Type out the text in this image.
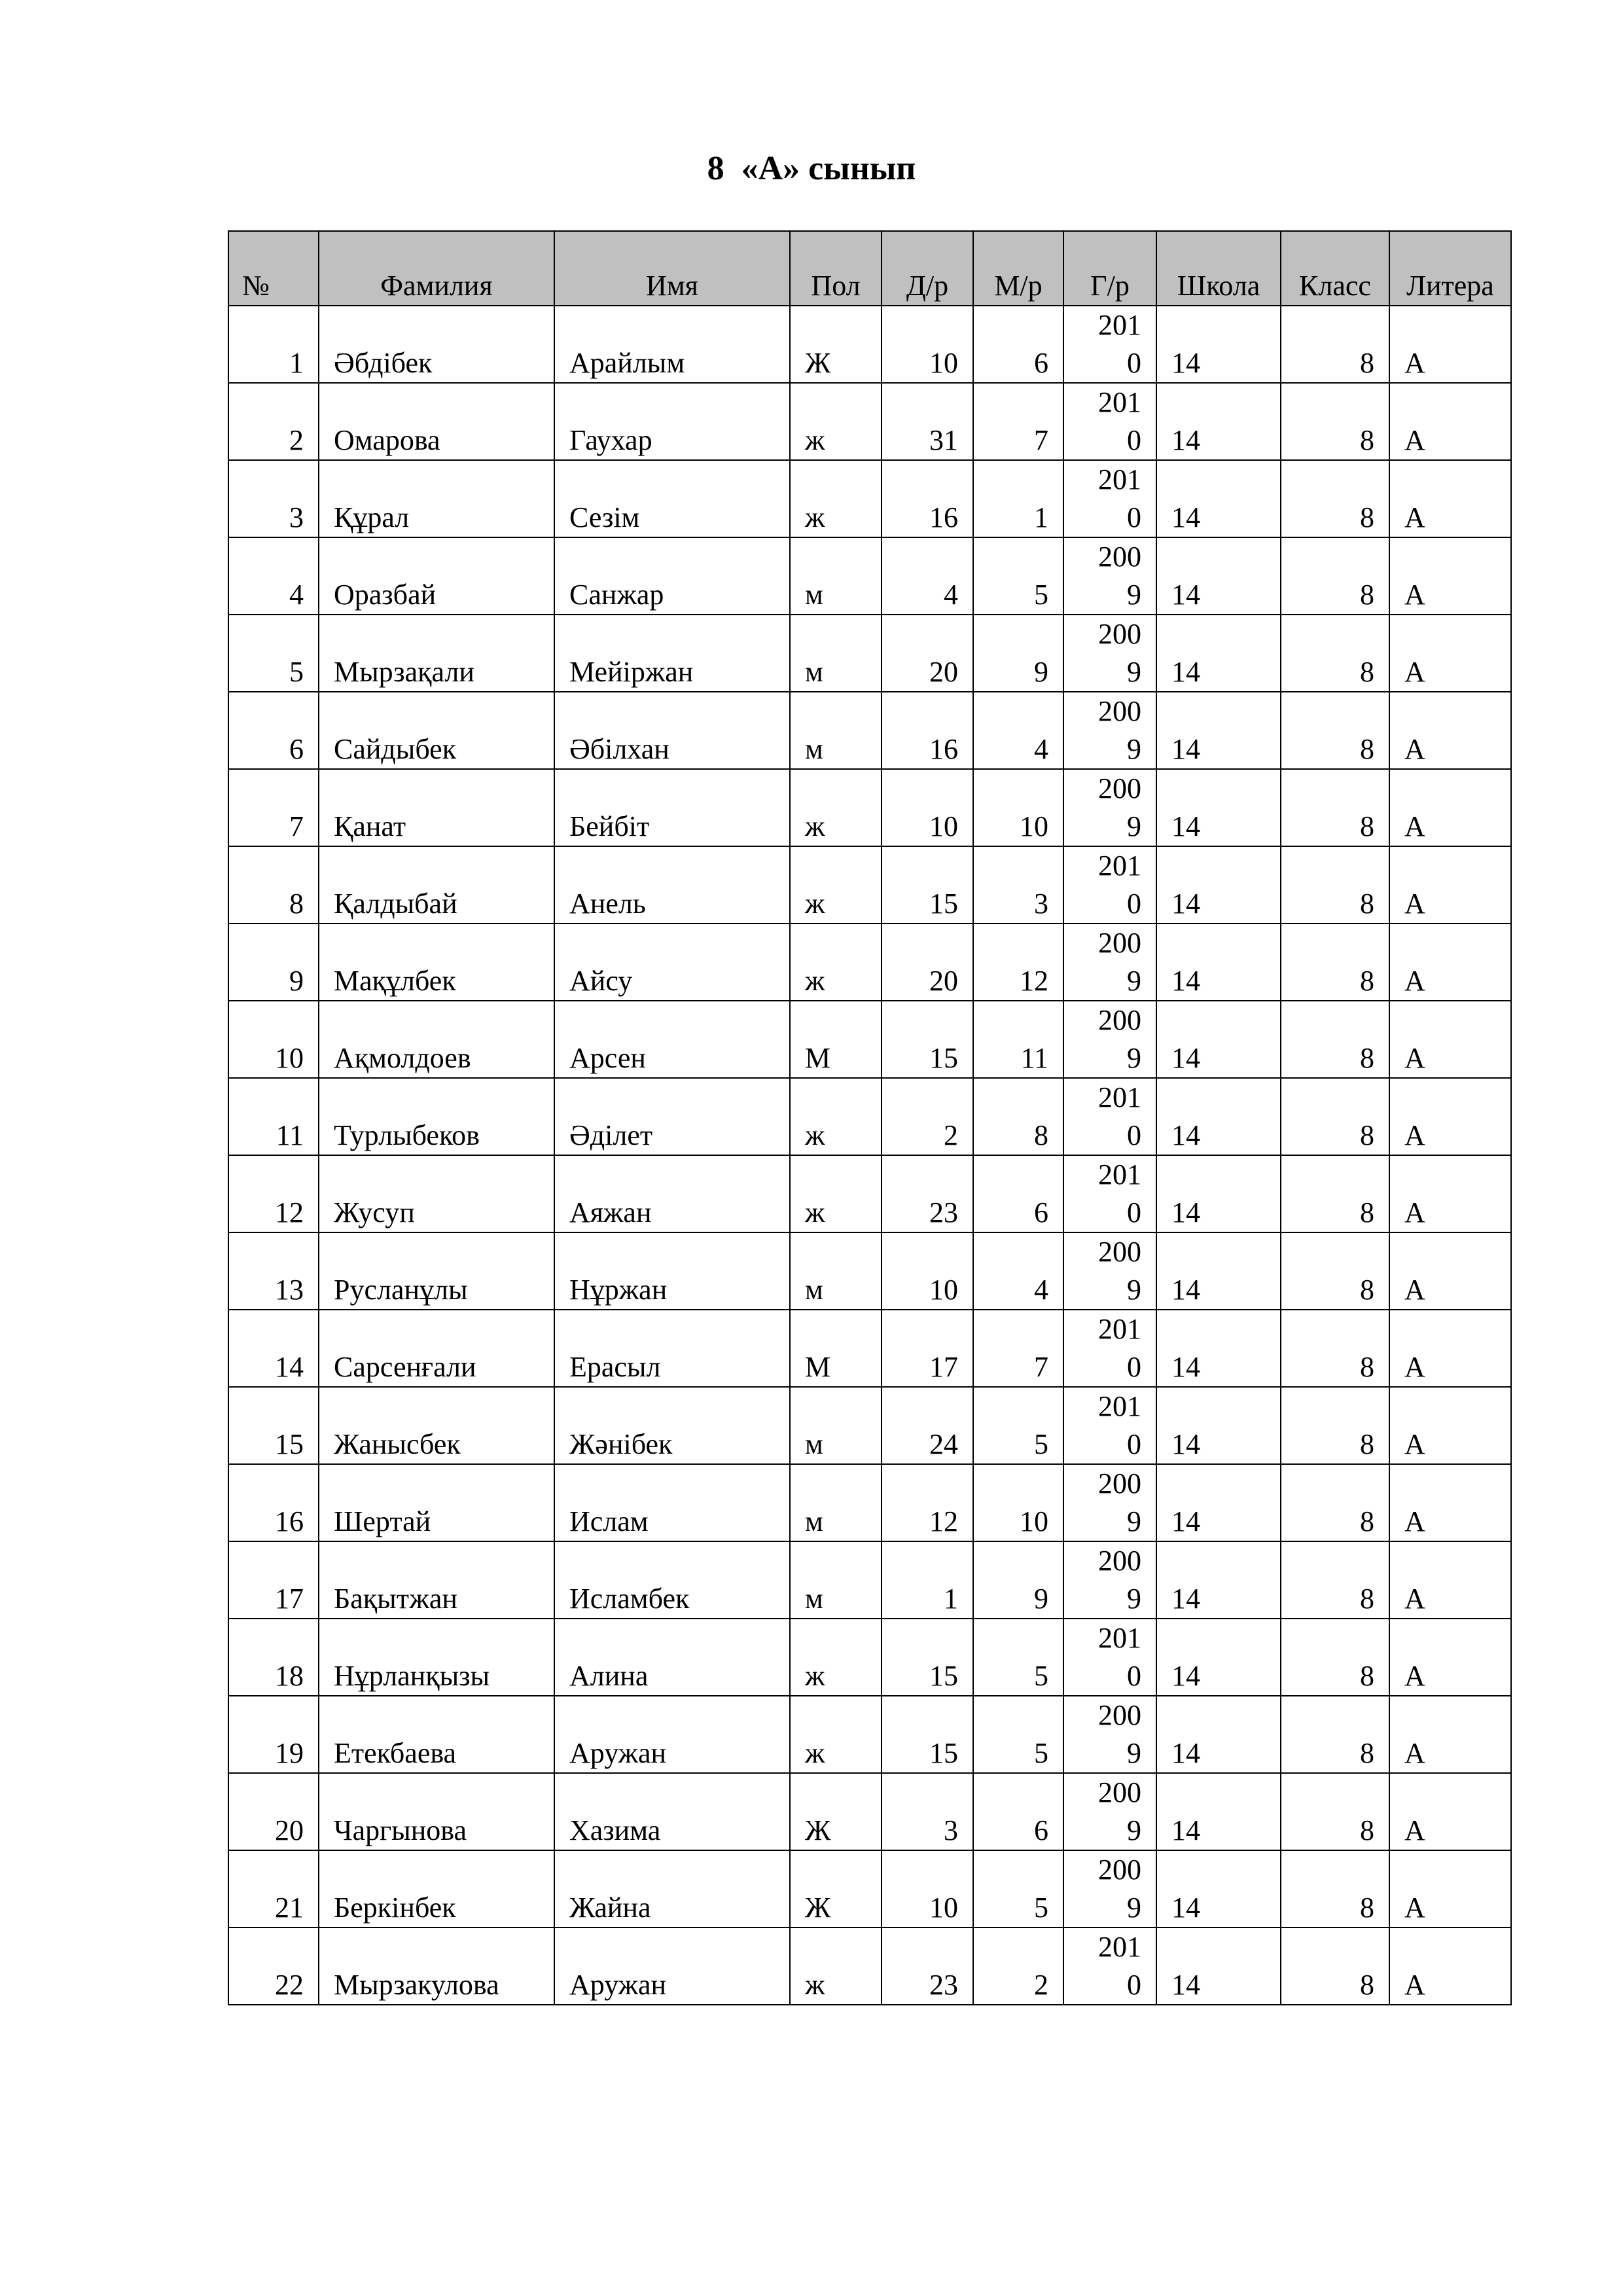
8  «А» сынып
№	Фамилия	Имя	Пол	Д/р	М/р	Г/р	Школа	Класс	Литера
1	Әбдібек	Арайлым	Ж	10	6	2010	14	8	А
2	Омарова	Гаухар	ж	31	7	2010	14	8	А
3	Құрал	Сезім	ж	16	1	2010	14	8	А
4	Оразбай	Санжар	м	4	5	2009	14	8	А
5	Мырзақали	Мейіржан	м	20	9	2009	14	8	А
6	Сайдыбек	Әбілхан	м	16	4	2009	14	8	А
7	Қанат	Бейбіт	ж	10	10	2009	14	8	А
8	Қалдыбай	Анель	ж	15	3	2010	14	8	А
9	Мақұлбек	Айсу	ж	20	12	2009	14	8	А
10	Ақмолдоев	Арсен	М	15	11	2009	14	8	А
11	Турлыбеков	Әділет	ж	2	8	2010	14	8	А
12	Жусуп	Аяжан	ж	23	6	2010	14	8	А
13	Русланұлы	Нұржан	м	10	4	2009	14	8	А
14	Сарсенғали	Ерасыл	М	17	7	2010	14	8	А
15	Жанысбек	Жәнібек	м	24	5	2010	14	8	А
16	Шертай	Ислам	м	12	10	2009	14	8	А
17	Бақытжан	Исламбек	м	1	9	2009	14	8	А
18	Нұрланқызы	Алина	ж	15	5	2010	14	8	А
19	Етекбаева	Аружан	ж	15	5	2009	14	8	А
20	Чаргынова	Хазима	Ж	3	6	2009	14	8	А
21	Беркінбек	Жайна	Ж	10	5	2009	14	8	А
22	Мырзакулова	Аружан	ж	23	2	2010	14	8	А
